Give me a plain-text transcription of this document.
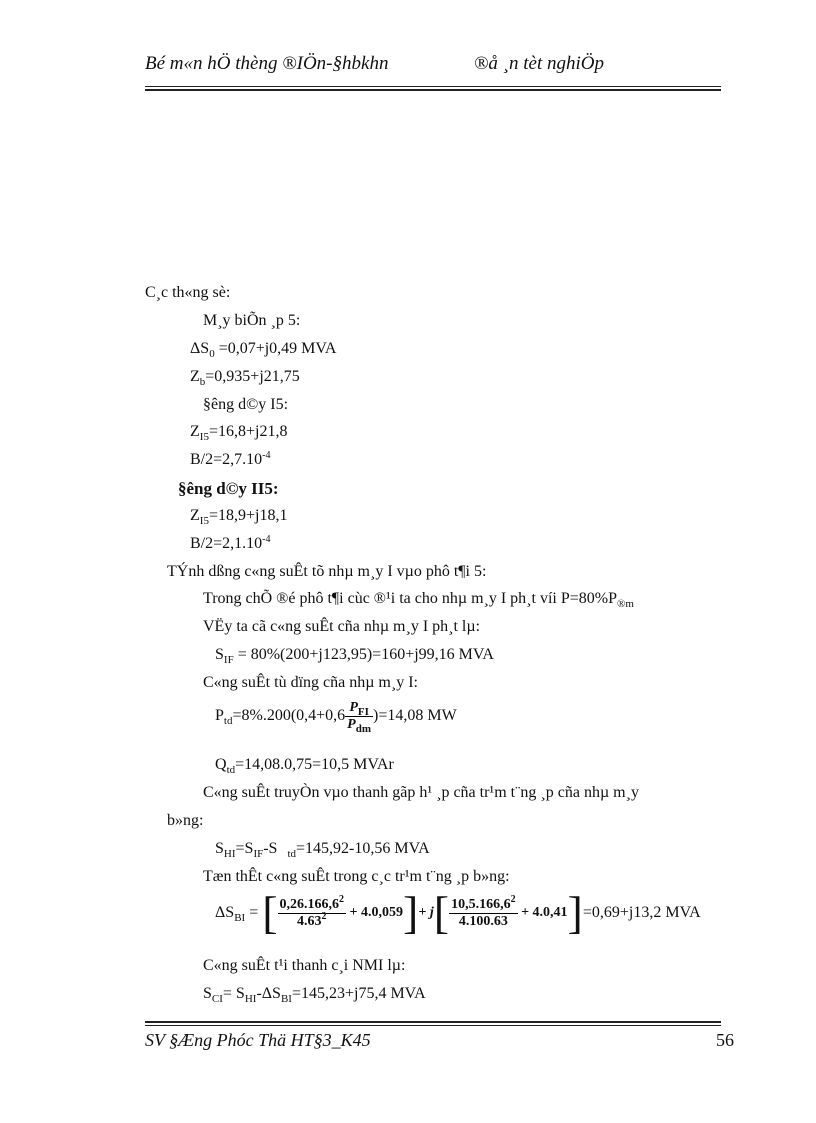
Bé m«n hÖ thèng ®IÖn-§hbkhn	®å ¸n tèt nghiÖp
C¸c th«ng sè:
M¸y biÕn ¸p 5:
$\Delta S_0 =0,07+j0,49$ MVA
$Z_b=0,935+j21,75$
§êng d©y I5:
$Z_{I5}=16,8+j21,8$
$B/2=2,7.10^{-4}$
§êng d©y II5:
$Z_{I5}=18,9+j18,1$
$B/2=2,1.10^{-4}$
TÝnh dßng c«ng suÊt tõ nhµ m¸y I vµo phô t¶i 5:
Trong chÕ ®é phô t¶i cùc ®¹i ta cho nhµ m¸y I ph¸t víi $P=80\%P_{®m}$
VËy ta cã c«ng suÊt cña nhµ m¸y I ph¸t lµ:
$S_{IF} = 80\%(200+j123,95)=160+j99,16$ MVA
C«ng suÊt tù dïng cña nhµ m¸y I:
$P_{td}=8\%.200(0,4+0,6 \frac{P_{FI}}{P_{dm}} )=14,08$ MW
$Q_{td}=14,08.0,75=10,5$ MVAr
C«ng suÊt truyÒn vµo thanh gãp h¹ ¸p cña tr¹m t¨ng ¸p cña nhµ m¸y
b»ng:
$S_{HI}=S_{IF}-S$ $_{td}$=145,92-10,56 MVA
Tæn thÊt c«ng suÊt trong c¸c tr¹m t¨ng ¸p b»ng:
$\Delta S_{BI}$ = [ $\frac{0,26.166,6^2}{4.63^2} + 4.0,059]+ j[ \frac{10,5.166,6^2}{4.100.63} + 4.0,41]=0,69+j13,2$ MVA
C«ng suÊt t¹i thanh c¸i NMI lµ:
$S_{CI}= S_{HI}-\Delta S_{BI}=145,23+j75,4$ MVA
SV §Æng Phóc Thä HT§3_K45	56
